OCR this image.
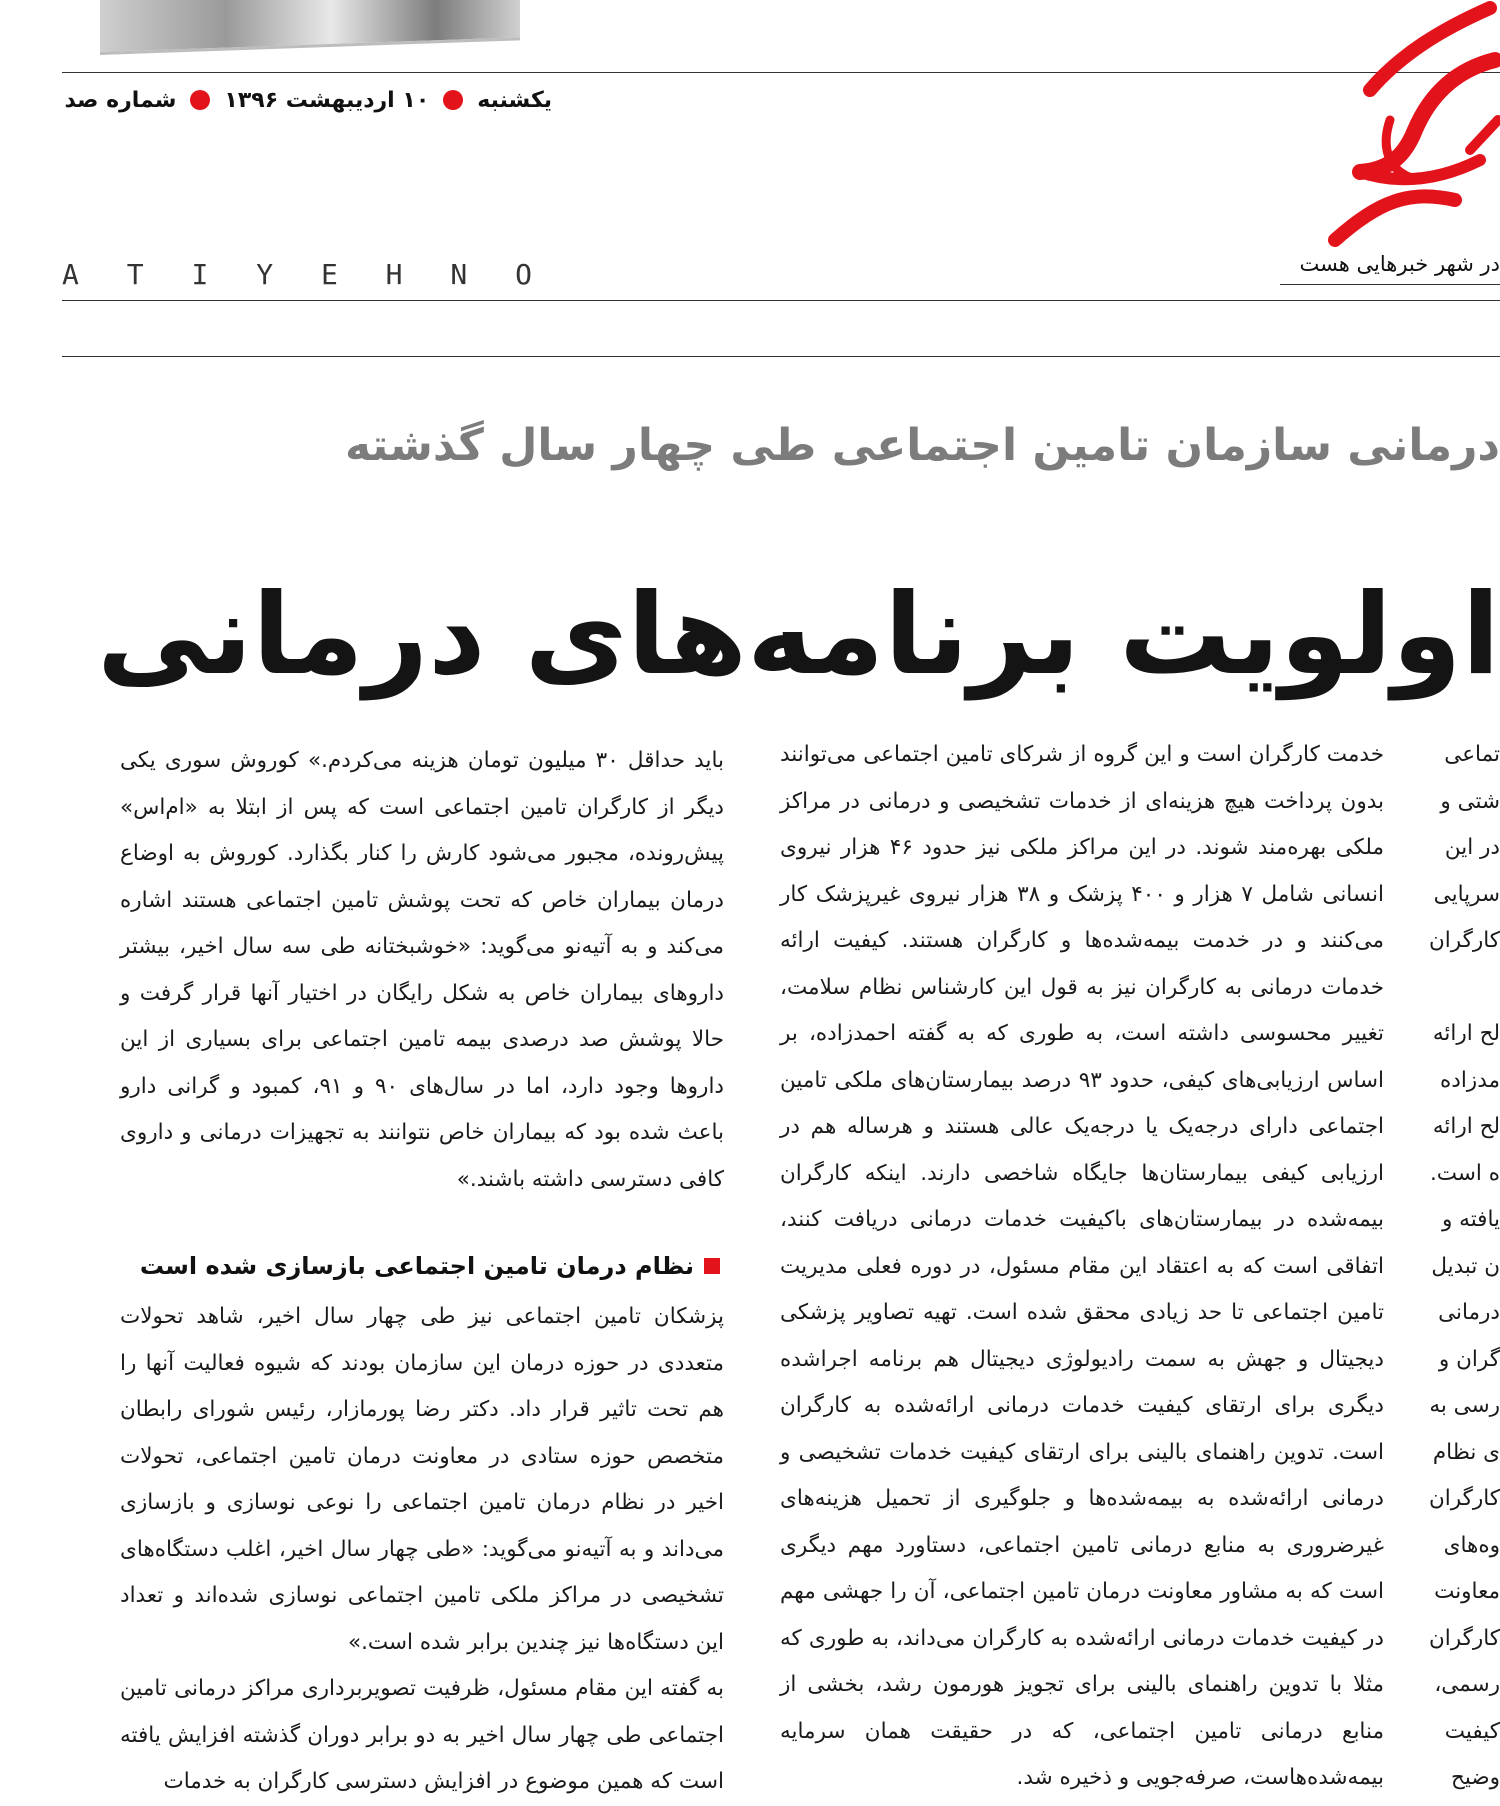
یکشنبه
۱۰ اردیبهشت ۱۳۹۶
شماره صد
در شهر خبرهایی هست
A T I Y E H N O
درمانی سازمان تامین اجتماعی طی چهار سال گذشته
اولویت برنامه‌های درمانی

باید حداقل ۳۰ میلیون تومان هزینه می‌کردم.» کوروش سوری یکی دیگر از کارگران تامین اجتماعی است که پس از ابتلا به «ام‌اس» پیش‌رونده، مجبور می‌شود کارش را کنار بگذارد. کوروش به اوضاع درمان بیماران خاص که تحت پوشش تامین اجتماعی هستند اشاره می‌کند و به آتیه‌نو می‌گوید: «خوشبختانه طی سه سال اخیر، بیشتر داروهای بیماران خاص به شکل رایگان در اختیار آنها قرار گرفت و حالا پوشش صد درصدی بیمه تامین اجتماعی برای بسیاری از این داروها وجود دارد، اما در سال‌های ۹۰ و ۹۱، کمبود و گرانی دارو باعث شده بود که بیماران خاص نتوانند به تجهیزات درمانی و داروی کافی دسترسی داشته باشند.»

نظام درمان تامین اجتماعی بازسازی شده است

پزشکان تامین اجتماعی نیز طی چهار سال اخیر، شاهد تحولات متعددی در حوزه درمان این سازمان بودند که شیوه فعالیت آنها را هم تحت تاثیر قرار داد. دکتر رضا پورمازار، رئیس شورای رابطان متخصص حوزه ستادی در معاونت درمان تامین اجتماعی، تحولات اخیر در نظام درمان تامین اجتماعی را نوعی نوسازی و بازسازی می‌داند و به آتیه‌نو می‌گوید: «طی چهار سال اخیر، اغلب دستگاه‌های تشخیصی در مراکز ملکی تامین اجتماعی نوسازی شده‌اند و تعداد این دستگاه‌ها نیز چندین برابر شده است.»

به گفته این مقام مسئول، ظرفیت تصویربرداری مراکز درمانی تامین اجتماعی طی چهار سال اخیر به دو برابر دوران گذشته افزایش یافته است که همین موضوع در افزایش دسترسی کارگران به خدمات

خدمت کارگران است و این گروه از شرکای تامین اجتماعی می‌توانند بدون پرداخت هیچ هزینه‌ای از خدمات تشخیصی و درمانی در مراکز ملکی بهره‌مند شوند. در این مراکز ملکی نیز حدود ۴۶ هزار نیروی انسانی شامل ۷ هزار و ۴۰۰ پزشک و ۳۸ هزار نیروی غیرپزشک کار می‌کنند و در خدمت بیمه‌شده‌ها و کارگران هستند. کیفیت ارائه خدمات درمانی به کارگران نیز به قول این کارشناس نظام سلامت، تغییر محسوسی داشته است، به طوری که به گفته احمدزاده، بر اساس ارزیابی‌های کیفی، حدود ۹۳ درصد بیمارستان‌های ملکی تامین اجتماعی دارای درجه‌یک یا درجه‌یک عالی هستند و هرساله هم در ارزیابی کیفی بیمارستان‌ها جایگاه شاخصی دارند. اینکه کارگران بیمه‌شده در بیمارستان‌های باکیفیت خدمات درمانی دریافت کنند، اتفاقی است که به اعتقاد این مقام مسئول، در دوره فعلی مدیریت تامین اجتماعی تا حد زیادی محقق شده است. تهیه تصاویر پزشکی دیجیتال و جهش به سمت رادیولوژی دیجیتال هم برنامه اجراشده دیگری برای ارتقای کیفیت خدمات درمانی ارائه‌شده به کارگران است. تدوین راهنمای بالینی برای ارتقای کیفیت خدمات تشخیصی و درمانی ارائه‌شده به بیمه‌شده‌ها و جلوگیری از تحمیل هزینه‌های غیرضروری به منابع درمانی تامین اجتماعی، دستاورد مهم دیگری است که به مشاور معاونت درمان تامین اجتماعی، آن را جهشی مهم در کیفیت خدمات درمانی ارائه‌شده به کارگران می‌داند، به طوری که مثلا با تدوین راهنمای بالینی برای تجویز هورمون رشد، بخشی از منابع درمانی تامین اجتماعی، که در حقیقت همان سرمایه بیمه‌شده‌هاست، صرفه‌جویی و ذخیره شد.

تماعی
شتی و
در این
سرپایی
کارگران

لح ارائه
مدزاده
لح ارائه
ه است.
یافته و
ن تبدیل
درمانی
گران و
رسی به
ی نظام
کارگران
وه‌های
معاونت
کارگران
رسمی،
کیفیت
وضیح
